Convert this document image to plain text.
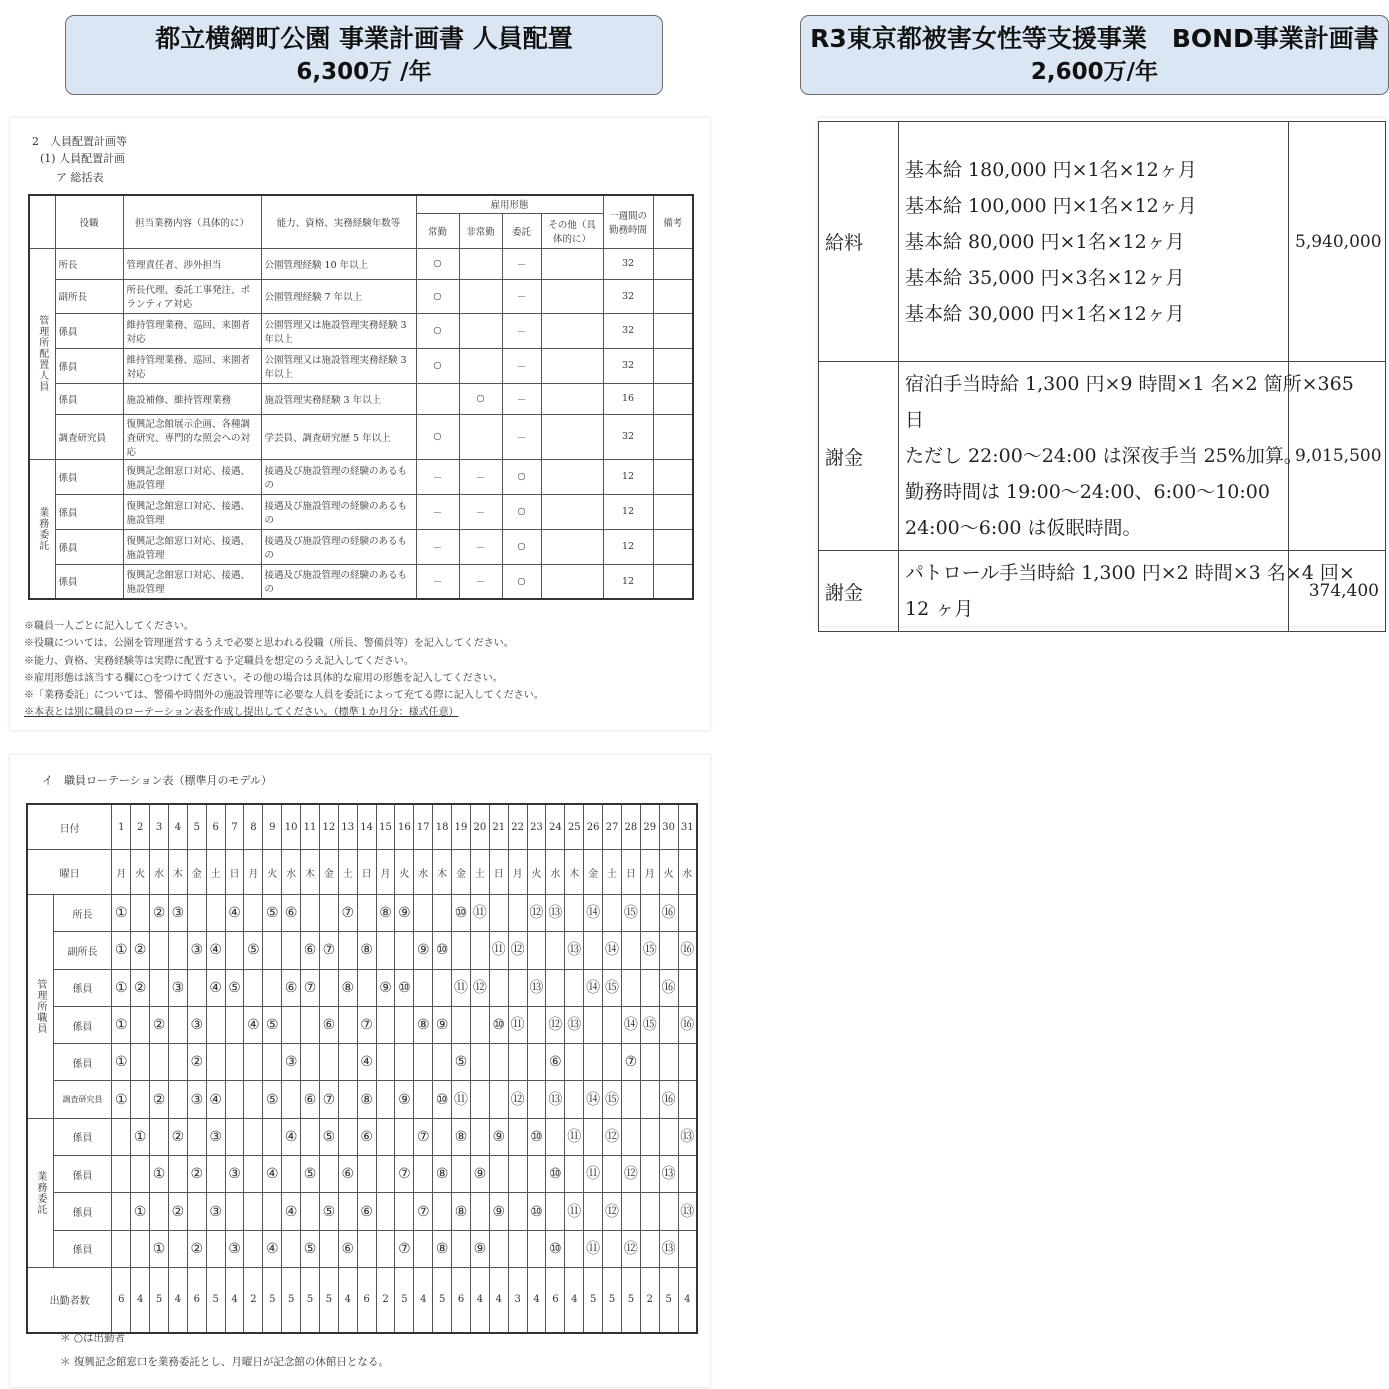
都立横網町公園 事業計画書 人員配置
6,300万 /年
R3東京都被害女性等支援事業　BOND事業計画書
2,600万/年
2　人員配置計画等
(1) 人員配置計画
ア 総括表
	役職	担当業務内容（具体的に）	能力、資格、実務経験年数等	雇用形態				一週間の勤務時間	備考
				常勤	非常勤	委託	その他（具体的に）		
管理所配置人員	所長	管理責任者、渉外担当	公園管理経験 10 年以上	○		－		32	
	副所長	所長代理、委託工事発注、ボランティア対応	公園管理経験 7 年以上	○		－		32	
	係員	維持管理業務、巡回、来園者対応	公園管理又は施設管理実務経験 3 年以上	○		－		32	
	係員	維持管理業務、巡回、来園者対応	公園管理又は施設管理実務経験 3 年以上	○		－		32	
	係員	施設補修、維持管理業務	施設管理実務経験 3 年以上		○	－		16	
	調査研究員	復興記念館展示企画、各種調査研究、専門的な照会への対応	学芸員、調査研究歴 5 年以上	○		－		32	
業務委託	係員	復興記念館窓口対応、接遇、施設管理	接遇及び施設管理の経験のあるもの	－	－	○		12	
	係員	復興記念館窓口対応、接遇、施設管理	接遇及び施設管理の経験のあるもの	－	－	○		12	
	係員	復興記念館窓口対応、接遇、施設管理	接遇及び施設管理の経験のあるもの	－	－	○		12	
	係員	復興記念館窓口対応、接遇、施設管理	接遇及び施設管理の経験のあるもの	－	－	○		12	
※職員一人ごとに記入してください。
※役職については、公園を管理運営するうえで必要と思われる役職（所長、警備員等）を記入してください。
※能力、資格、実務経験等は実際に配置する予定職員を想定のうえ記入してください。
※雇用形態は該当する欄に○をつけてください。その他の場合は具体的な雇用の形態を記入してください。
※「業務委託」については、警備や時間外の施設管理等に必要な人員を委託によって充てる際に記入してください。
※本表とは別に職員のローテーション表を作成し提出してください。（標準１か月分：様式任意）
イ　職員ローテーション表（標準月のモデル）
日付		1	2	3	4	5	6	7	8	9	10	11	12	13	14	15	16	17	18	19	20	21	22	23	24	25	26	27	28	29	30	31
曜日		月	火	水	木	金	土	日	月	火	水	木	金	土	日	月	火	水	木	金	土	日	月	火	水	木	金	土	日	月	火	水
管理所職員	所長	①		②	③			④		⑤	⑥			⑦		⑧	⑨			⑩	⑪			⑫	⑬		⑭		⑮		⑯	
	副所長	①	②			③	④		⑤			⑥	⑦		⑧			⑨	⑩			⑪	⑫			⑬		⑭		⑮		⑯
	係員	①	②		③		④	⑤			⑥	⑦		⑧		⑨	⑩			⑪	⑫			⑬			⑭	⑮			⑯	
	係員	①		②		③			④	⑤			⑥		⑦			⑧	⑨			⑩	⑪		⑫	⑬			⑭	⑮		⑯
	係員	①				②					③				④					⑤					⑥				⑦			
	調査研究員	①		②		③	④			⑤		⑥	⑦		⑧		⑨		⑩	⑪			⑫		⑬		⑭	⑮			⑯	
業務委託	係員		①		②		③				④		⑤		⑥			⑦		⑧		⑨		⑩		⑪		⑫				⑬
	係員			①		②		③		④		⑤		⑥			⑦		⑧		⑨				⑩		⑪		⑫		⑬	
	係員		①		②		③				④		⑤		⑥			⑦		⑧		⑨		⑩		⑪		⑫				⑬
	係員			①		②		③		④		⑤		⑥			⑦		⑧		⑨				⑩		⑪		⑫		⑬	
出勤者数		6	4	5	4	6	5	4	2	5	5	5	5	4	6	2	5	4	5	6	4	4	3	4	6	4	5	5	5	2	5	4
＊ ○は出勤者
＊ 復興記念館窓口を業務委託とし、月曜日が記念館の休館日となる。
給料	基本給 180,000 円×1名×12ヶ月
基本給 100,000 円×1名×12ヶ月
基本給 80,000 円×1名×12ヶ月
基本給 35,000 円×3名×12ヶ月
基本給 30,000 円×1名×12ヶ月	5,940,000
謝金	宿泊手当時給 1,300 円×9 時間×1 名×2 箇所×365
日
ただし 22:00～24:00 は深夜手当 25%加算。
勤務時間は 19:00～24:00、6:00～10:00
24:00～6:00 は仮眠時間。	9,015,500
謝金	パトロール手当時給 1,300 円×2 時間×3 名×4 回×
12 ヶ月	374,400
